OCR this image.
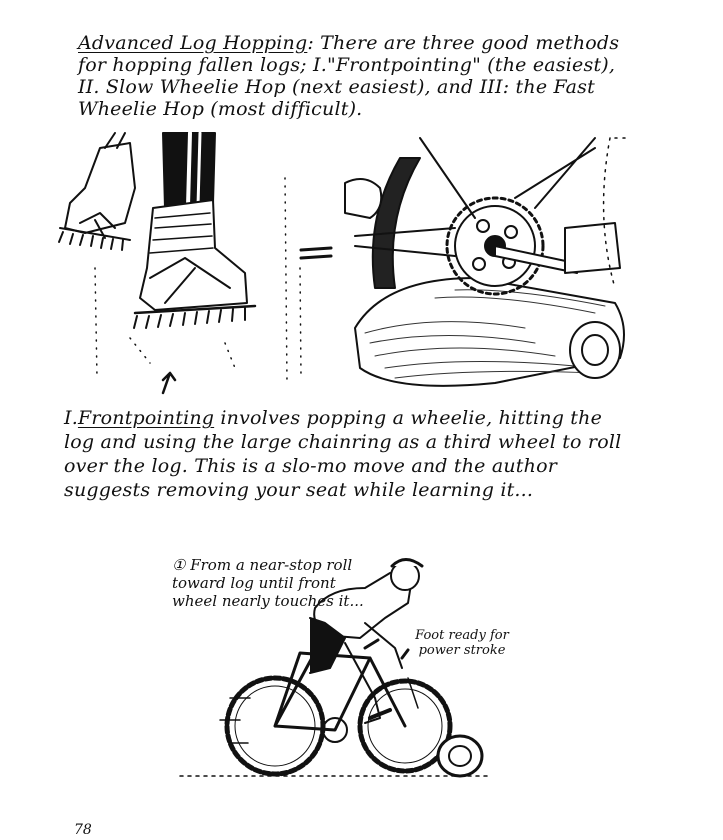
Advanced Log Hopping: There are three good methods for hopping fallen logs; I."Frontpointing" (the easiest), II. Slow Wheelie Hop (next easiest), and III: the Fast Wheelie Hop (most difficult).
I.Frontpointing involves popping a wheelie, hitting the log and using the large chainring as a third wheel to roll over the log. This is a slo-mo move and the author suggests removing your seat while learning it...
① From a near-stop roll toward log until front wheel nearly touches it...
Foot ready for power stroke
78
